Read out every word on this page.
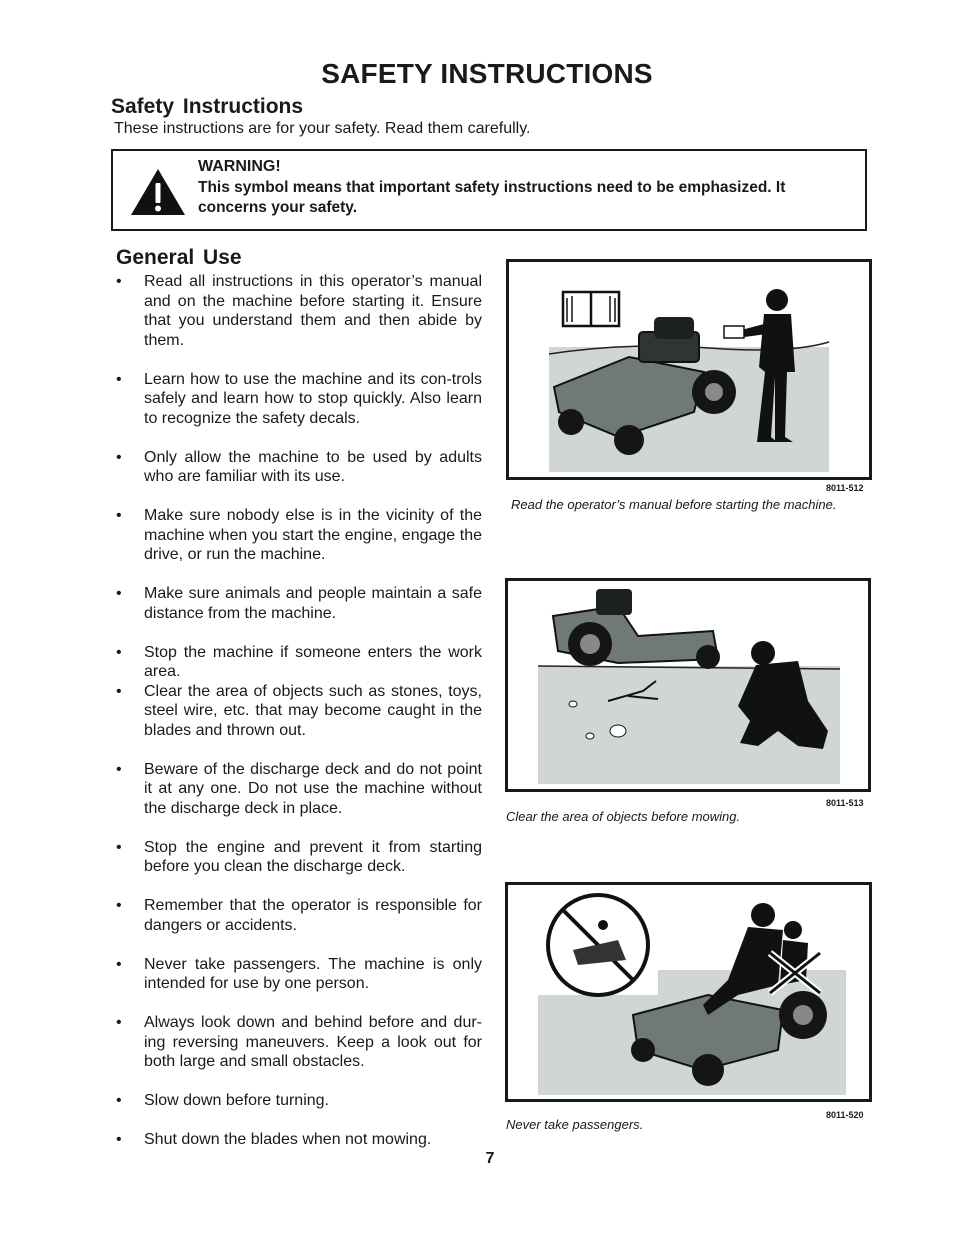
SAFETY INSTRUCTIONS
Safety Instructions
These instructions are for your safety. Read them carefully.
WARNING!
This symbol means that important safety instructions need to be emphasized. It concerns your safety.
General Use
• Read all instructions in this operator’s manual and on the machine before starting it. Ensure that you understand them and then abide by them.
• Learn how to use the machine and its con-trols safely and learn how to stop quickly. Also learn to recognize the safety decals.
• Only allow the machine to be used by adults who are familiar with its use.
• Make sure nobody else is in the vicinity of the machine when you start the engine, engage the drive, or run the machine.
• Make sure animals and people maintain a safe distance from the machine.
• Stop the machine if someone enters the work area.
• Clear the area of objects such as stones, toys, steel wire, etc. that may become caught in the blades and thrown out.
• Beware of the discharge deck and do not point it at any one. Do not use the machine without the discharge deck in place.
• Stop the engine and prevent it from starting before you clean the discharge deck.
• Remember that the operator is responsible for dangers or accidents.
• Never take passengers. The machine is only intended for use by one person.
• Always look down and behind before and dur-ing reversing maneuvers. Keep a look out for both large and small obstacles.
• Slow down before turning.
• Shut down the blades when not mowing.
8011-512
Read the operator’s manual before starting the machine.
8011-513
Clear the area of objects before mowing.
8011-520
Never take passengers.
7
